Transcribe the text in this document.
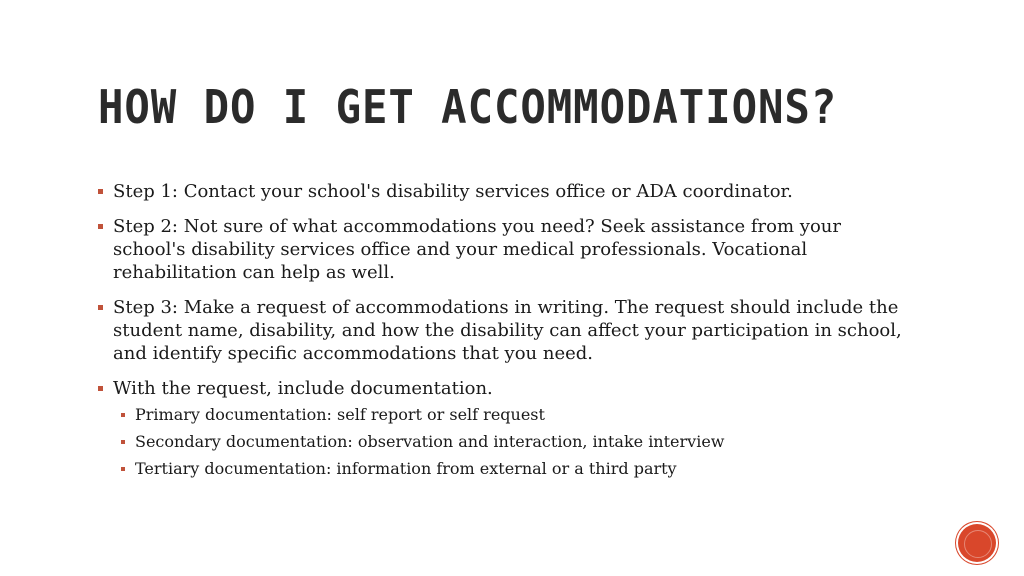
HOW DO I GET ACCOMMODATIONS?
Step 1: Contact your school's disability services office or ADA coordinator.
Step 2: Not sure of what accommodations you need? Seek assistance from your school's disability services office and your medical professionals. Vocational rehabilitation can help as well.
Step 3: Make a request of accommodations in writing. The request should include the student name, disability, and how the disability can affect your participation in school, and identify specific accommodations that you need.
With the request, include documentation.
Primary documentation: self report or self request
Secondary documentation: observation and interaction, intake interview
Tertiary documentation: information from external or a third party
